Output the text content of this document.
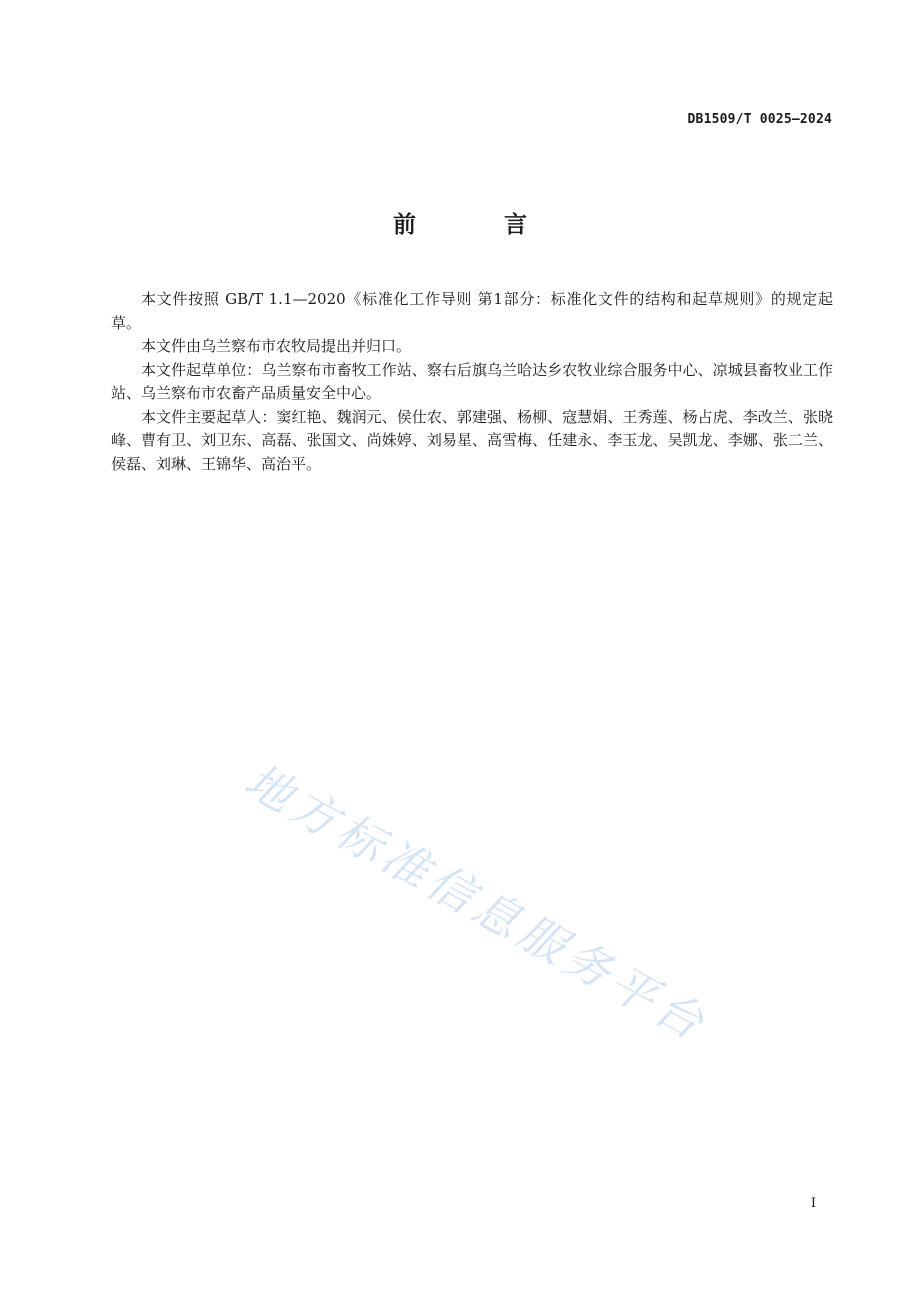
DB1509/T 0025—2024
前 言

本文件按照 GB/T 1.1—2020《标准化工作导则 第1部分：标准化文件的结构和起草规则》的规定起草。

本文件由乌兰察布市农牧局提出并归口。

本文件起草单位：乌兰察布市畜牧工作站、察右后旗乌兰哈达乡农牧业综合服务中心、凉城县畜牧业工作站、乌兰察布市农畜产品质量安全中心。

本文件主要起草人：窦红艳、魏润元、侯仕农、郭建强、杨柳、寇慧娟、王秀莲、杨占虎、李改兰、张晓峰、曹有卫、刘卫东、高磊、张国文、尚姝婷、刘易星、高雪梅、任建永、李玉龙、吴凯龙、李娜、张二兰、侯磊、刘琳、王锦华、高治平。

地方标准信息服务平台
I
